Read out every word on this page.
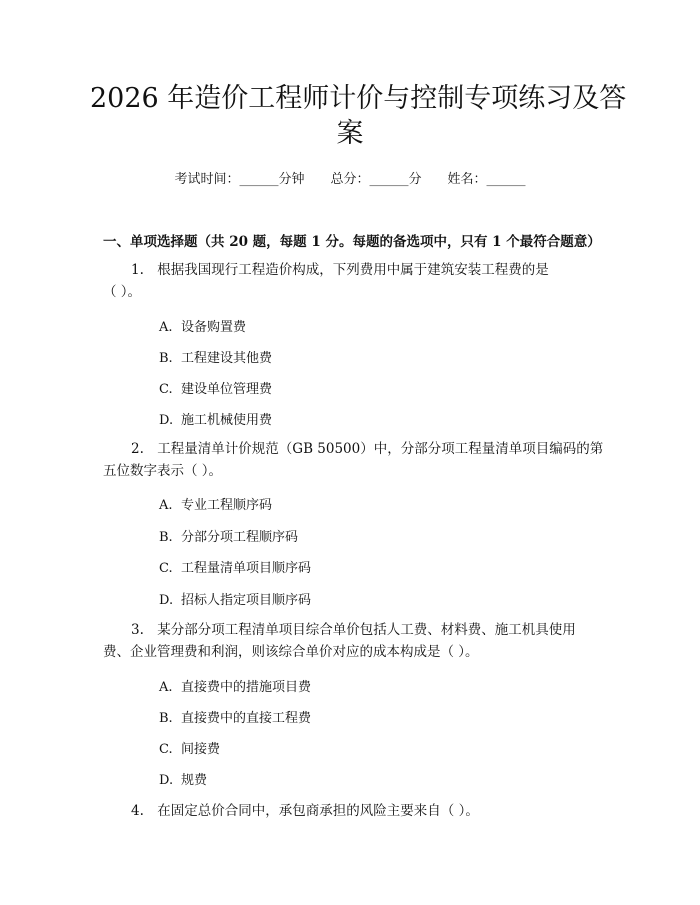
2026 年造价工程师计价与控制专项练习及答
案
考试时间：______分钟 总分：______分 姓名：______
一、单项选择题（共 20 题，每题 1 分。每题的备选项中，只有 1 个最符合题意）
1. 根据我国现行工程造价构成，下列费用中属于建筑安装工程费的是
（ ）。
A. 设备购置费
B. 工程建设其他费
C. 建设单位管理费
D. 施工机械使用费
2. 工程量清单计价规范（GB 50500）中，分部分项工程量清单项目编码的第
五位数字表示（ ）。
A. 专业工程顺序码
B. 分部分项工程顺序码
C. 工程量清单项目顺序码
D. 招标人指定项目顺序码
3. 某分部分项工程清单项目综合单价包括人工费、材料费、施工机具使用
费、企业管理费和利润，则该综合单价对应的成本构成是（ ）。
A. 直接费中的措施项目费
B. 直接费中的直接工程费
C. 间接费
D. 规费
4. 在固定总价合同中，承包商承担的风险主要来自（ ）。
